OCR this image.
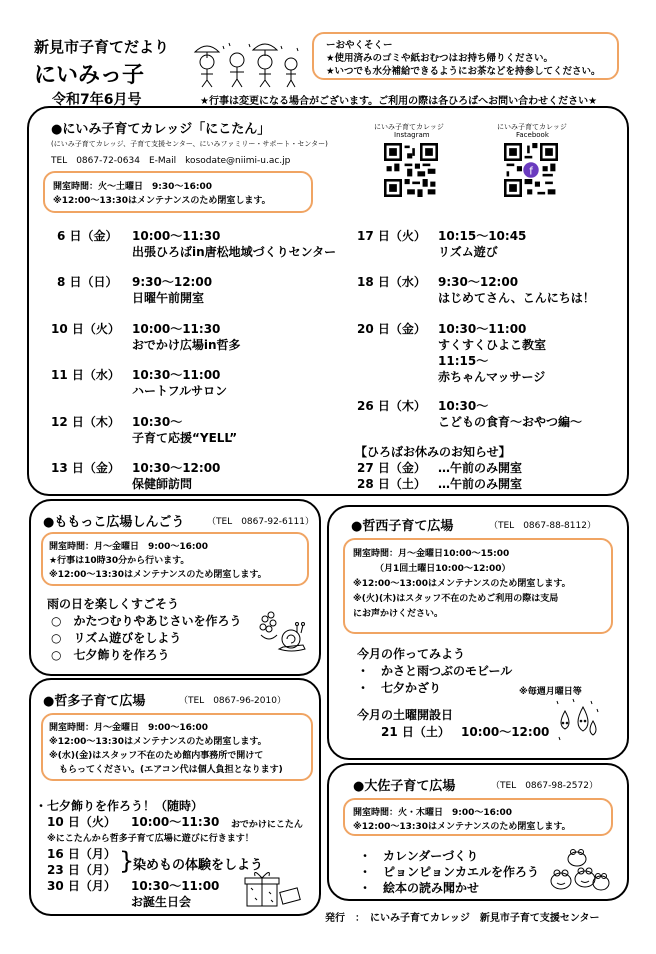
新見市子育てだより
にいみっ子
令和7年6月号
ーおやくそくー
★使用済みのゴミや紙おむつはお持ち帰りください。
★いつでも水分補給できるようにお茶などを持参してください。
★行事は変更になる場合がございます。ご利用の際は各ひろばへお問い合わせください★
●にいみ子育てカレッジ「にこたん」
(にいみ子育てカレッジ、子育て支援センター、にいみファミリー・サポート・センター)
TEL　0867-72-0634　E-Mail　kosodate@niimi-u.ac.jp
にいみ子育てカレッジ
Instagram
にいみ子育てカレッジ
Facebook
f
開室時間：火～土曜日　9:30～16:00
※12:00～13:30はメンテナンスのため閉室します。
6 日（金） 10:00～11:30
出張ひろばin唐松地域づくりセンター
8 日（日） 9:30～12:00
日曜午前開室
10 日（火） 10:00～11:30
おでかけ広場in哲多
11 日（水） 10:30～11:00
ハートフルサロン
12 日（木） 10:30～
子育て応援“YELL”
13 日（金） 10:30～12:00
保健師訪問
17 日（火） 10:15～10:45
リズム遊び
18 日（水） 9:30～12:00
はじめてさん、こんにちは！
20 日（金） 10:30～11:00
すくすくひよこ教室
11:15～
赤ちゃんマッサージ
26 日（木） 10:30～
こどもの食育～おやつ編～
【ひろばお休みのお知らせ】
27 日（金） …午前のみ開室
28 日（土） …午前のみ開室
●ももっこ広場しんごう	（TEL　0867-92-6111）
開室時間：月～金曜日　9:00～16:00
★行事は10時30分から行います。
※12:00～13:30はメンテナンスのため閉室します。
雨の日を楽しくすごそう
○　かたつむりやあじさいを作ろう
○　リズム遊びをしよう
○　七夕飾りを作ろう
●哲多子育て広場	（TEL　0867-96-2010）
開室時間：月～金曜日　9:00～16:00
※12:00～13:30はメンテナンスのため閉室します。
※(水)(金)はスタッフ不在のため館内事務所で開けて
もらってください。(エアコン代は個人負担となります)
・七夕飾りを作ろう！（随時）
10 日（火） 10:00～11:30 おでかけにこたん
※にこたんから哲多子育て広場に遊びに行きます！
16 日（月）
23 日（月） }
染めもの体験をしよう
30 日（月） 10:30～11:00
お誕生日会
●哲西子育て広場	（TEL　0867-88-8112）
開室時間：月～金曜日10:00～15:00
（月1回土曜日10:00～12:00）
※12:00～13:00はメンテナンスのため閉室します。
※(火)(木)はスタッフ不在のためご利用の際は支局
にお声かけください。
今月の作ってみよう
・　かさと雨つぶのモビール
・　七夕かざり	※毎週月曜日等
今月の土曜開設日
21 日（土） 10:00～12:00
●大佐子育て広場	（TEL　0867-98-2572）
開室時間：火・木曜日　9:00～16:00
※12:00～13:30はメンテナンスのため閉室します。
・　カレンダーづくり
・　ピョンピョンカエルを作ろう
・　絵本の読み聞かせ
発行　：　にいみ子育てカレッジ　新見市子育て支援センター
